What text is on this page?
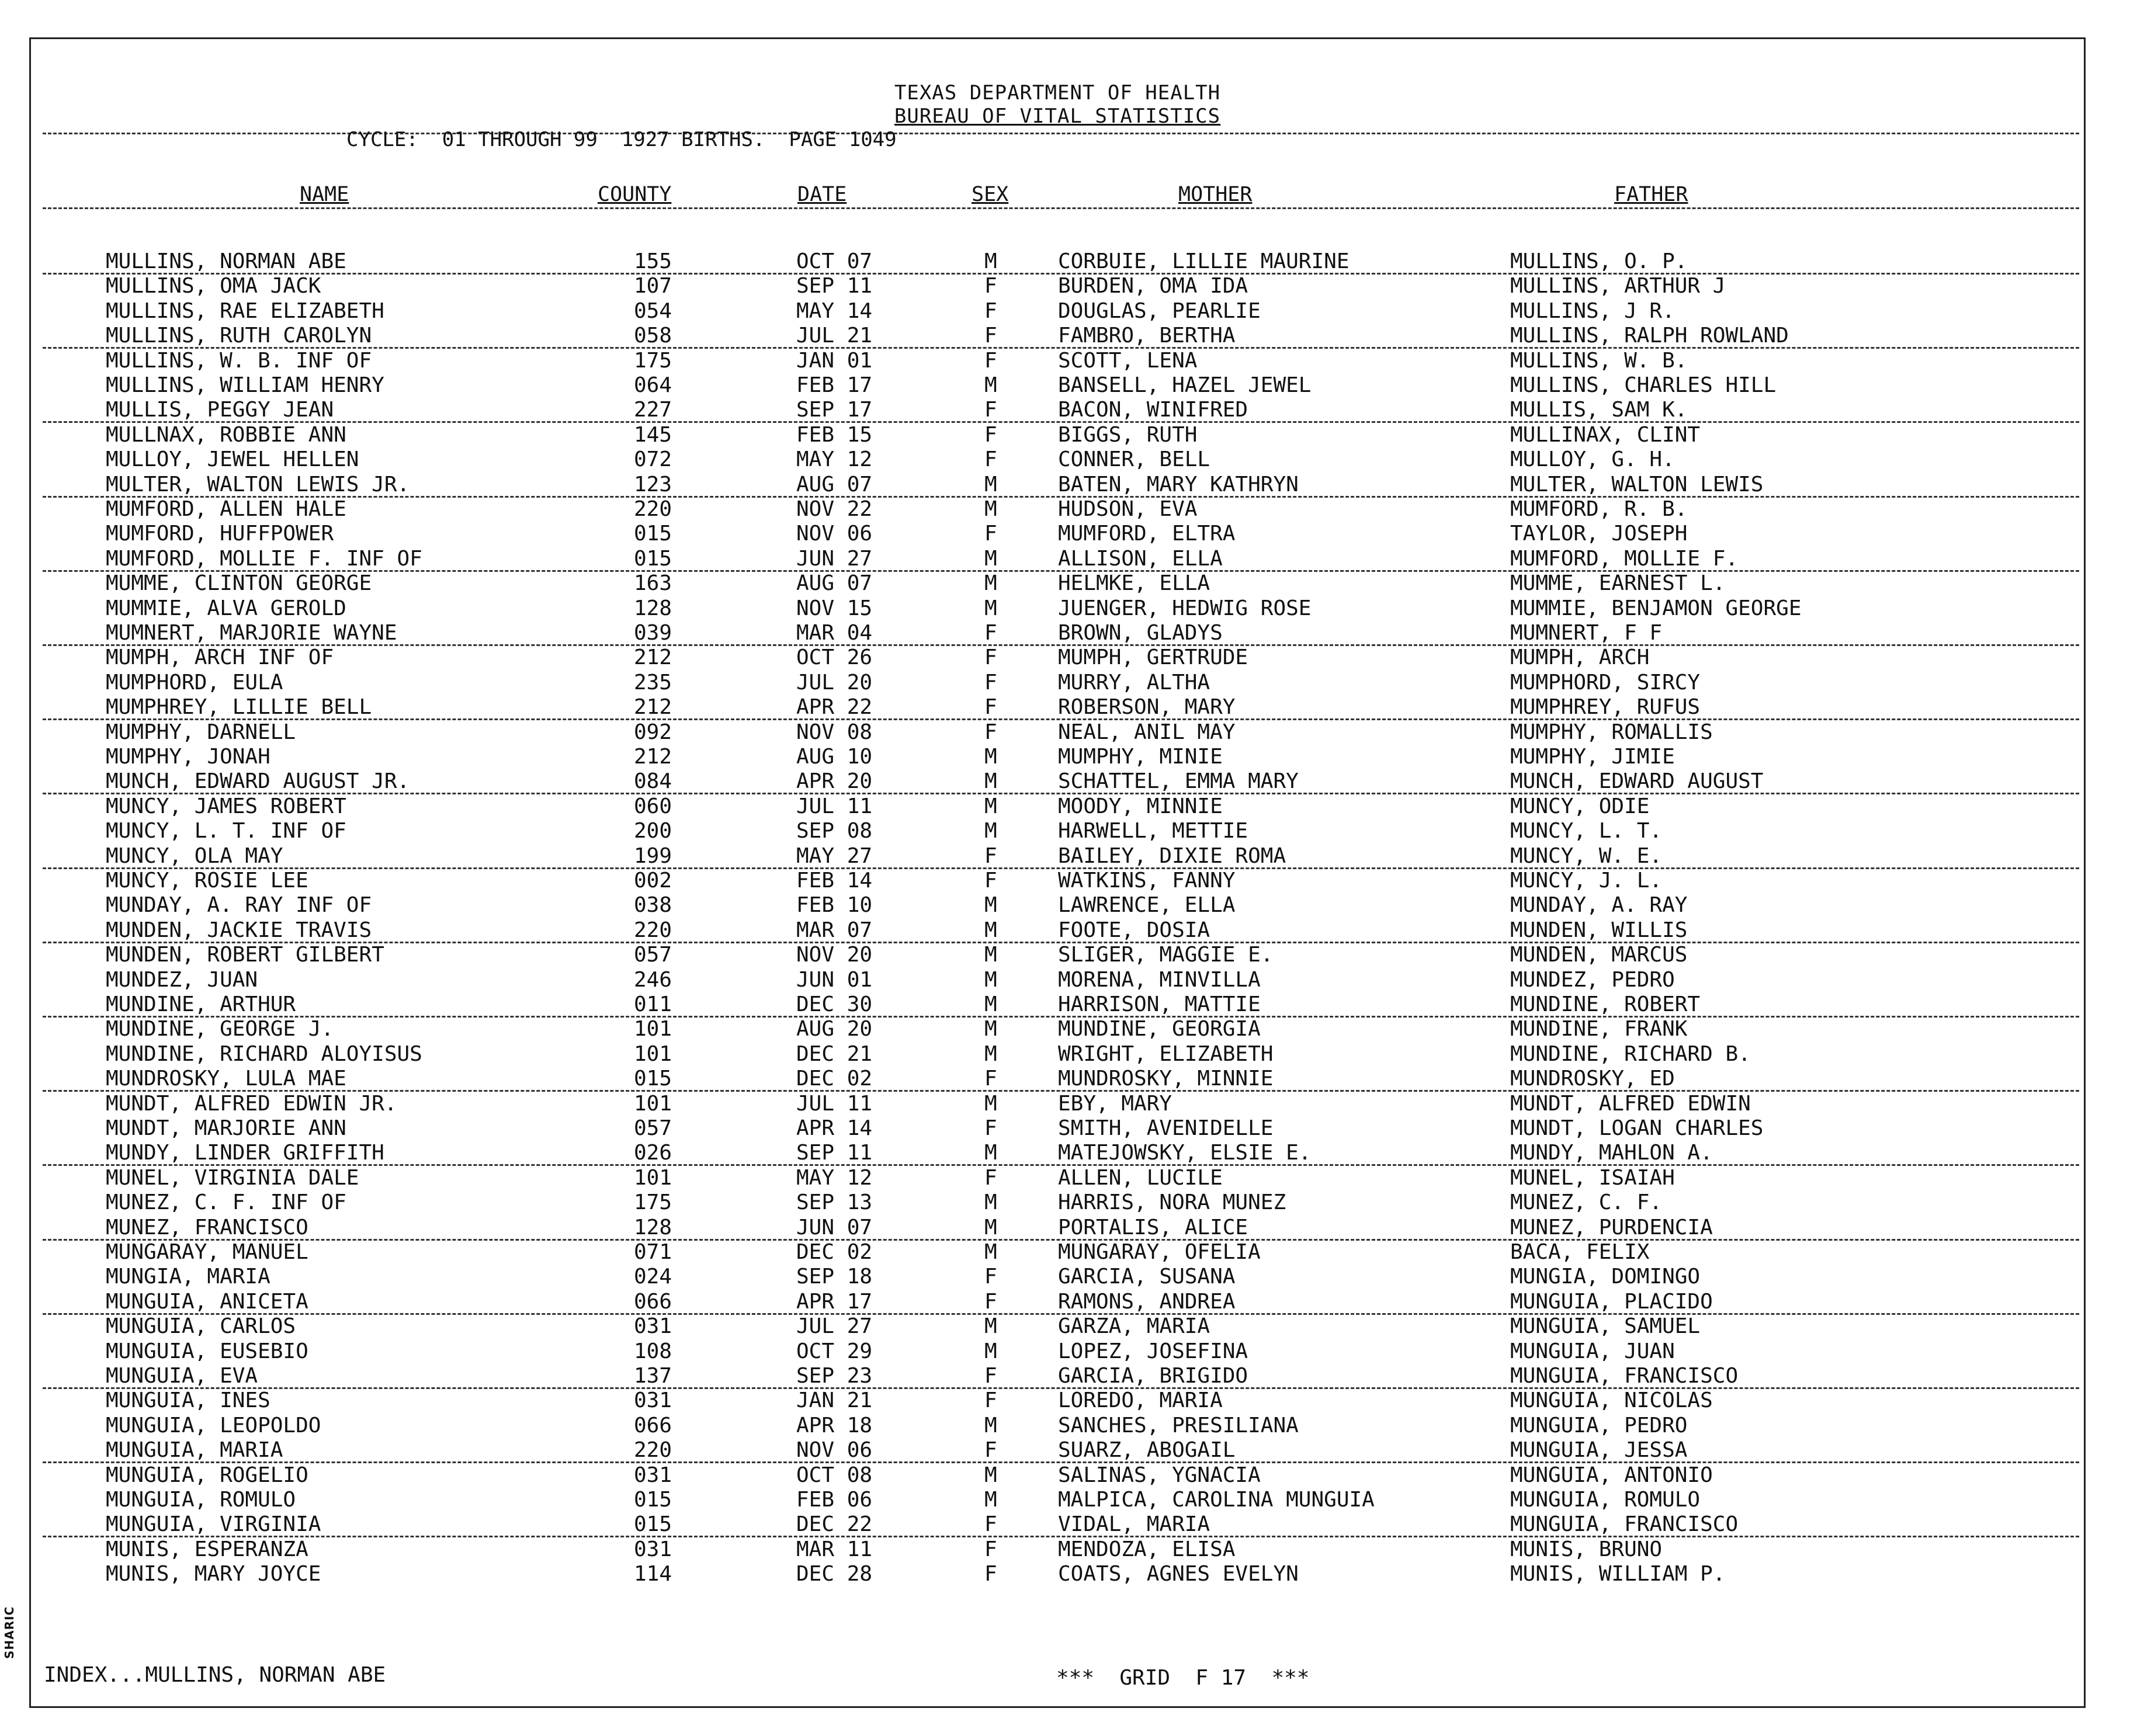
TEXAS DEPARTMENT OF HEALTH
BUREAU OF VITAL STATISTICS
CYCLE:  01 THROUGH 99  1927 BIRTHS.  PAGE 1049
NAME	COUNTY	DATE	SEX	MOTHER	FATHER
MULLINS, NORMAN ABE	155	OCT 07	M	CORBUIE, LILLIE MAURINE	MULLINS, O. P.
MULLINS, OMA JACK	107	SEP 11	F	BURDEN, OMA IDA	MULLINS, ARTHUR J
MULLINS, RAE ELIZABETH	054	MAY 14	F	DOUGLAS, PEARLIE	MULLINS, J R.
MULLINS, RUTH CAROLYN	058	JUL 21	F	FAMBRO, BERTHA	MULLINS, RALPH ROWLAND
MULLINS, W. B. INF OF	175	JAN 01	F	SCOTT, LENA	MULLINS, W. B.
MULLINS, WILLIAM HENRY	064	FEB 17	M	BANSELL, HAZEL JEWEL	MULLINS, CHARLES HILL
MULLIS, PEGGY JEAN	227	SEP 17	F	BACON, WINIFRED	MULLIS, SAM K.
MULLNAX, ROBBIE ANN	145	FEB 15	F	BIGGS, RUTH	MULLINAX, CLINT
MULLOY, JEWEL HELLEN	072	MAY 12	F	CONNER, BELL	MULLOY, G. H.
MULTER, WALTON LEWIS JR.	123	AUG 07	M	BATEN, MARY KATHRYN	MULTER, WALTON LEWIS
MUMFORD, ALLEN HALE	220	NOV 22	M	HUDSON, EVA	MUMFORD, R. B.
MUMFORD, HUFFPOWER	015	NOV 06	F	MUMFORD, ELTRA	TAYLOR, JOSEPH
MUMFORD, MOLLIE F. INF OF	015	JUN 27	M	ALLISON, ELLA	MUMFORD, MOLLIE F.
MUMME, CLINTON GEORGE	163	AUG 07	M	HELMKE, ELLA	MUMME, EARNEST L.
MUMMIE, ALVA GEROLD	128	NOV 15	M	JUENGER, HEDWIG ROSE	MUMMIE, BENJAMON GEORGE
MUMNERT, MARJORIE WAYNE	039	MAR 04	F	BROWN, GLADYS	MUMNERT, F F
MUMPH, ARCH INF OF	212	OCT 26	F	MUMPH, GERTRUDE	MUMPH, ARCH
MUMPHORD, EULA	235	JUL 20	F	MURRY, ALTHA	MUMPHORD, SIRCY
MUMPHREY, LILLIE BELL	212	APR 22	F	ROBERSON, MARY	MUMPHREY, RUFUS
MUMPHY, DARNELL	092	NOV 08	F	NEAL, ANIL MAY	MUMPHY, ROMALLIS
MUMPHY, JONAH	212	AUG 10	M	MUMPHY, MINIE	MUMPHY, JIMIE
MUNCH, EDWARD AUGUST JR.	084	APR 20	M	SCHATTEL, EMMA MARY	MUNCH, EDWARD AUGUST
MUNCY, JAMES ROBERT	060	JUL 11	M	MOODY, MINNIE	MUNCY, ODIE
MUNCY, L. T. INF OF	200	SEP 08	M	HARWELL, METTIE	MUNCY, L. T.
MUNCY, OLA MAY	199	MAY 27	F	BAILEY, DIXIE ROMA	MUNCY, W. E.
MUNCY, ROSIE LEE	002	FEB 14	F	WATKINS, FANNY	MUNCY, J. L.
MUNDAY, A. RAY INF OF	038	FEB 10	M	LAWRENCE, ELLA	MUNDAY, A. RAY
MUNDEN, JACKIE TRAVIS	220	MAR 07	M	FOOTE, DOSIA	MUNDEN, WILLIS
MUNDEN, ROBERT GILBERT	057	NOV 20	M	SLIGER, MAGGIE E.	MUNDEN, MARCUS
MUNDEZ, JUAN	246	JUN 01	M	MORENA, MINVILLA	MUNDEZ, PEDRO
MUNDINE, ARTHUR	011	DEC 30	M	HARRISON, MATTIE	MUNDINE, ROBERT
MUNDINE, GEORGE J.	101	AUG 20	M	MUNDINE, GEORGIA	MUNDINE, FRANK
MUNDINE, RICHARD ALOYISUS	101	DEC 21	M	WRIGHT, ELIZABETH	MUNDINE, RICHARD B.
MUNDROSKY, LULA MAE	015	DEC 02	F	MUNDROSKY, MINNIE	MUNDROSKY, ED
MUNDT, ALFRED EDWIN JR.	101	JUL 11	M	EBY, MARY	MUNDT, ALFRED EDWIN
MUNDT, MARJORIE ANN	057	APR 14	F	SMITH, AVENIDELLE	MUNDT, LOGAN CHARLES
MUNDY, LINDER GRIFFITH	026	SEP 11	M	MATEJOWSKY, ELSIE E.	MUNDY, MAHLON A.
MUNEL, VIRGINIA DALE	101	MAY 12	F	ALLEN, LUCILE	MUNEL, ISAIAH
MUNEZ, C. F. INF OF	175	SEP 13	M	HARRIS, NORA MUNEZ	MUNEZ, C. F.
MUNEZ, FRANCISCO	128	JUN 07	M	PORTALIS, ALICE	MUNEZ, PURDENCIA
MUNGARAY, MANUEL	071	DEC 02	M	MUNGARAY, OFELIA	BACA, FELIX
MUNGIA, MARIA	024	SEP 18	F	GARCIA, SUSANA	MUNGIA, DOMINGO
MUNGUIA, ANICETA	066	APR 17	F	RAMONS, ANDREA	MUNGUIA, PLACIDO
MUNGUIA, CARLOS	031	JUL 27	M	GARZA, MARIA	MUNGUIA, SAMUEL
MUNGUIA, EUSEBIO	108	OCT 29	M	LOPEZ, JOSEFINA	MUNGUIA, JUAN
MUNGUIA, EVA	137	SEP 23	F	GARCIA, BRIGIDO	MUNGUIA, FRANCISCO
MUNGUIA, INES	031	JAN 21	F	LOREDO, MARIA	MUNGUIA, NICOLAS
MUNGUIA, LEOPOLDO	066	APR 18	M	SANCHES, PRESILIANA	MUNGUIA, PEDRO
MUNGUIA, MARIA	220	NOV 06	F	SUARZ, ABOGAIL	MUNGUIA, JESSA
MUNGUIA, ROGELIO	031	OCT 08	M	SALINAS, YGNACIA	MUNGUIA, ANTONIO
MUNGUIA, ROMULO	015	FEB 06	M	MALPICA, CAROLINA MUNGUIA	MUNGUIA, ROMULO
MUNGUIA, VIRGINIA	015	DEC 22	F	VIDAL, MARIA	MUNGUIA, FRANCISCO
MUNIS, ESPERANZA	031	MAR 11	F	MENDOZA, ELISA	MUNIS, BRUNO
MUNIS, MARY JOYCE	114	DEC 28	F	COATS, AGNES EVELYN	MUNIS, WILLIAM P.
INDEX...MULLINS, NORMAN ABE	***  GRID  F 17  ***
SHARIC
